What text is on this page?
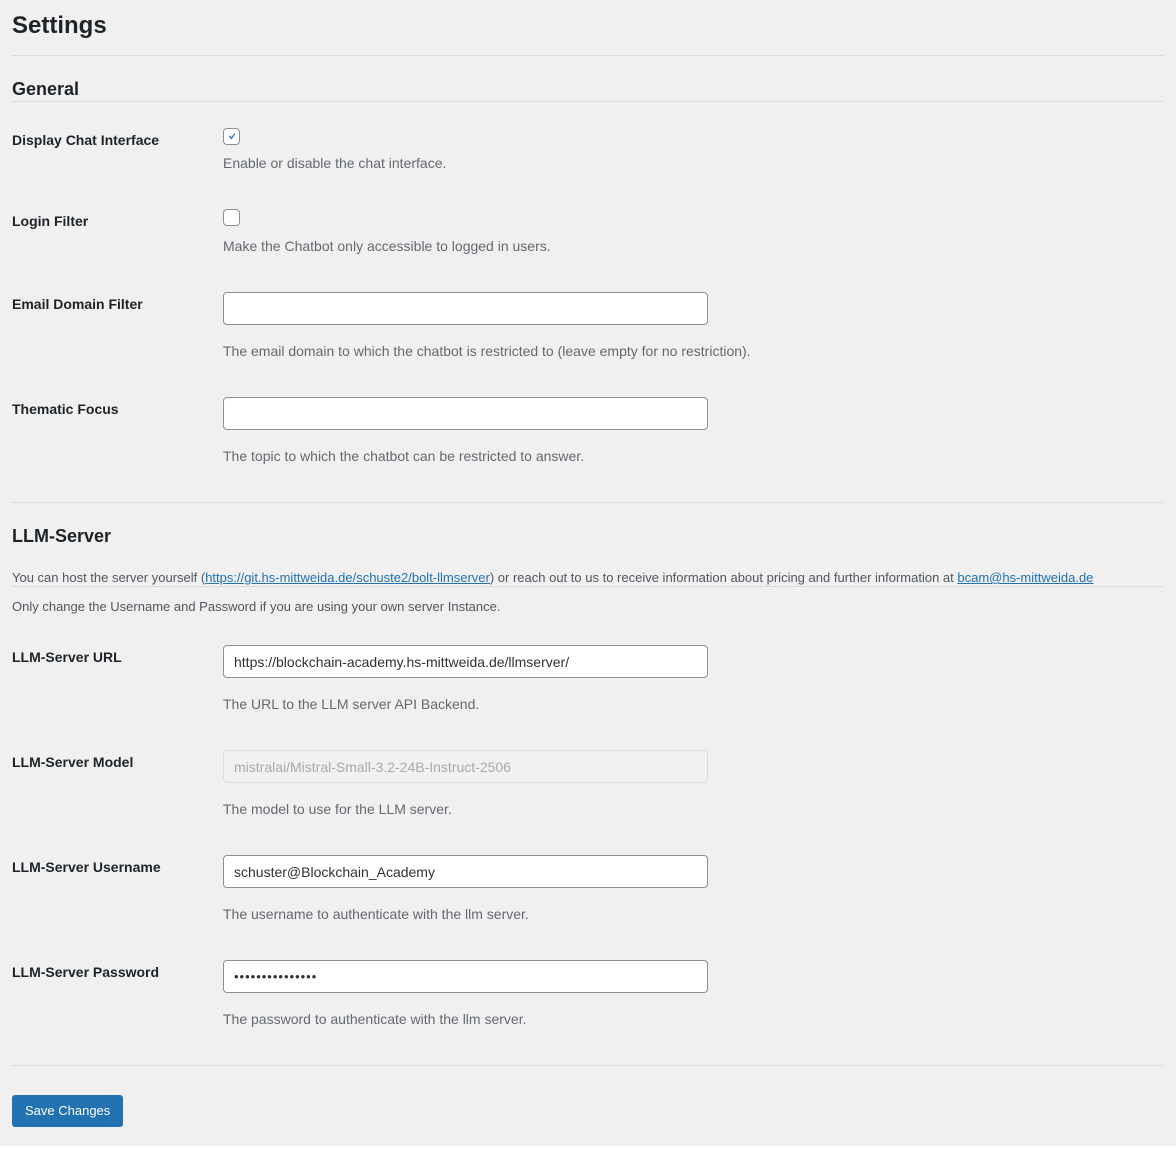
Settings
General
Display Chat Interface

Enable or disable the chat interface.

Login Filter

Make the Chatbot only accessible to logged in users.

Email Domain Filter

The email domain to which the chatbot is restricted to (leave empty for no restriction).

Thematic Focus

The topic to which the chatbot can be restricted to answer.

LLM-Server

You can host the server yourself (https://git.hs-mittweida.de/schuste2/bolt-llmserver) or reach out to us to receive information about pricing and further information at bcam@hs-mittweida.de

Only change the Username and Password if you are using your own server Instance.

LLM-Server URL
https://blockchain-academy.hs-mittweida.de/llmserver/

The URL to the LLM server API Backend.

LLM-Server Model
mistralai/Mistral-Small-3.2-24B-Instruct-2506

The model to use for the LLM server.

LLM-Server Username
schuster@Blockchain_Academy

The username to authenticate with the llm server.

LLM-Server Password
•••••••••••••••

The password to authenticate with the llm server.

Save Changes
